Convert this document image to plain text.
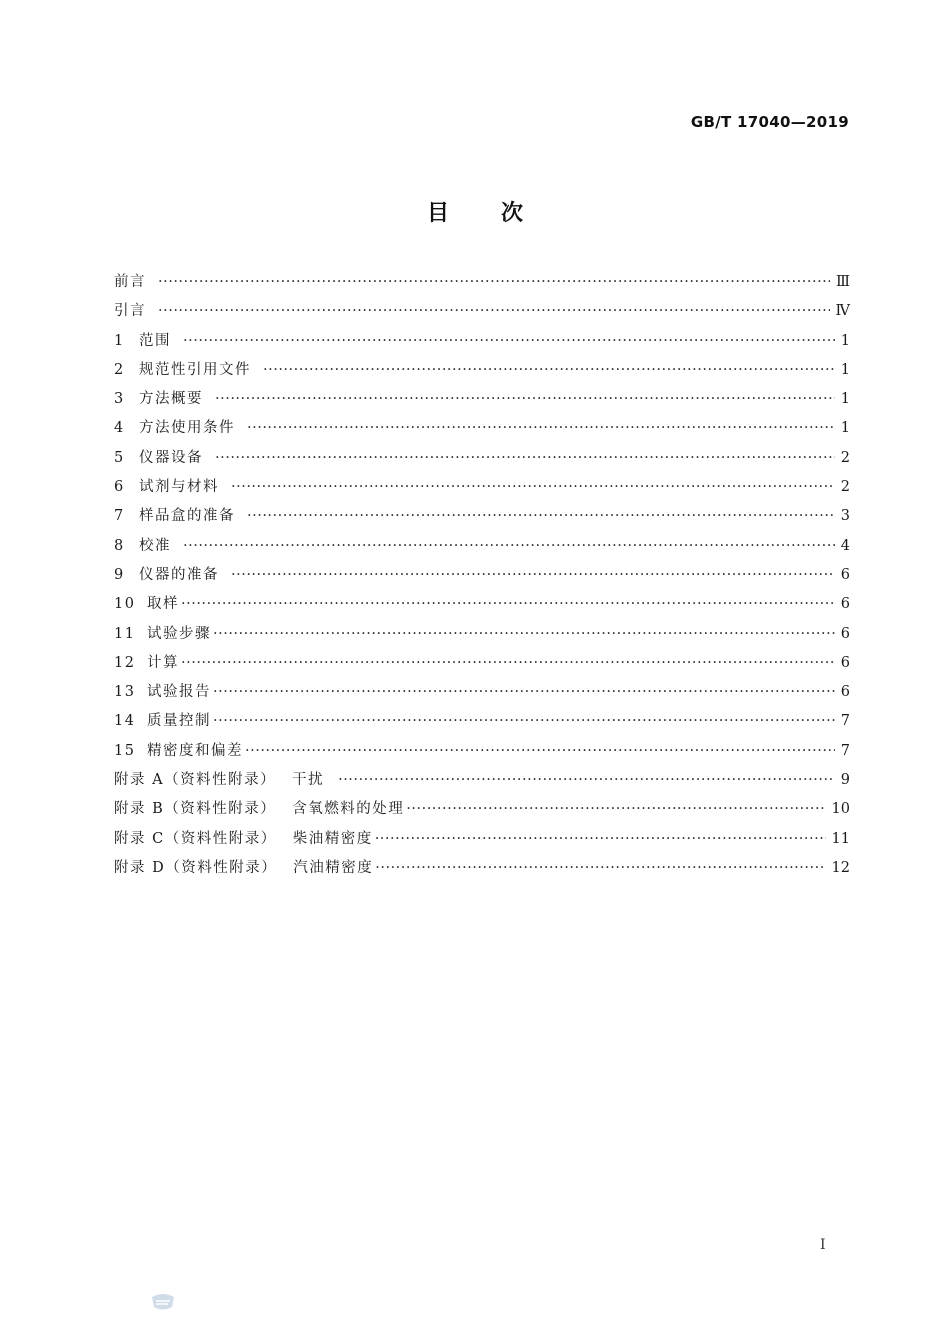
GB/T 17040—2019
目 次
前言 ·····	Ⅲ
引言 ·····	Ⅳ
1 范围 ·····	1
2 规范性引用文件 ·····	1
3 方法概要 ·····	1
4 方法使用条件 ·····	1
5 仪器设备 ·····	2
6 试剂与材料 ·····	2
7 样品盒的准备 ·····	3
8 校准 ·····	4
9 仪器的准备 ·····	6
10 取样 ·····	6
11 试验步骤 ·····	6
12 计算 ·····	6
13 试验报告 ·····	6
14 质量控制 ·····	7
15 精密度和偏差 ·····	7
附录 A（资料性附录）	干扰 ·····	9
附录 B（资料性附录）	含氧燃料的处理 ·····	10
附录 C（资料性附录）	柴油精密度 ·····	11
附录 D（资料性附录）	汽油精密度 ·····	12
Ⅰ
